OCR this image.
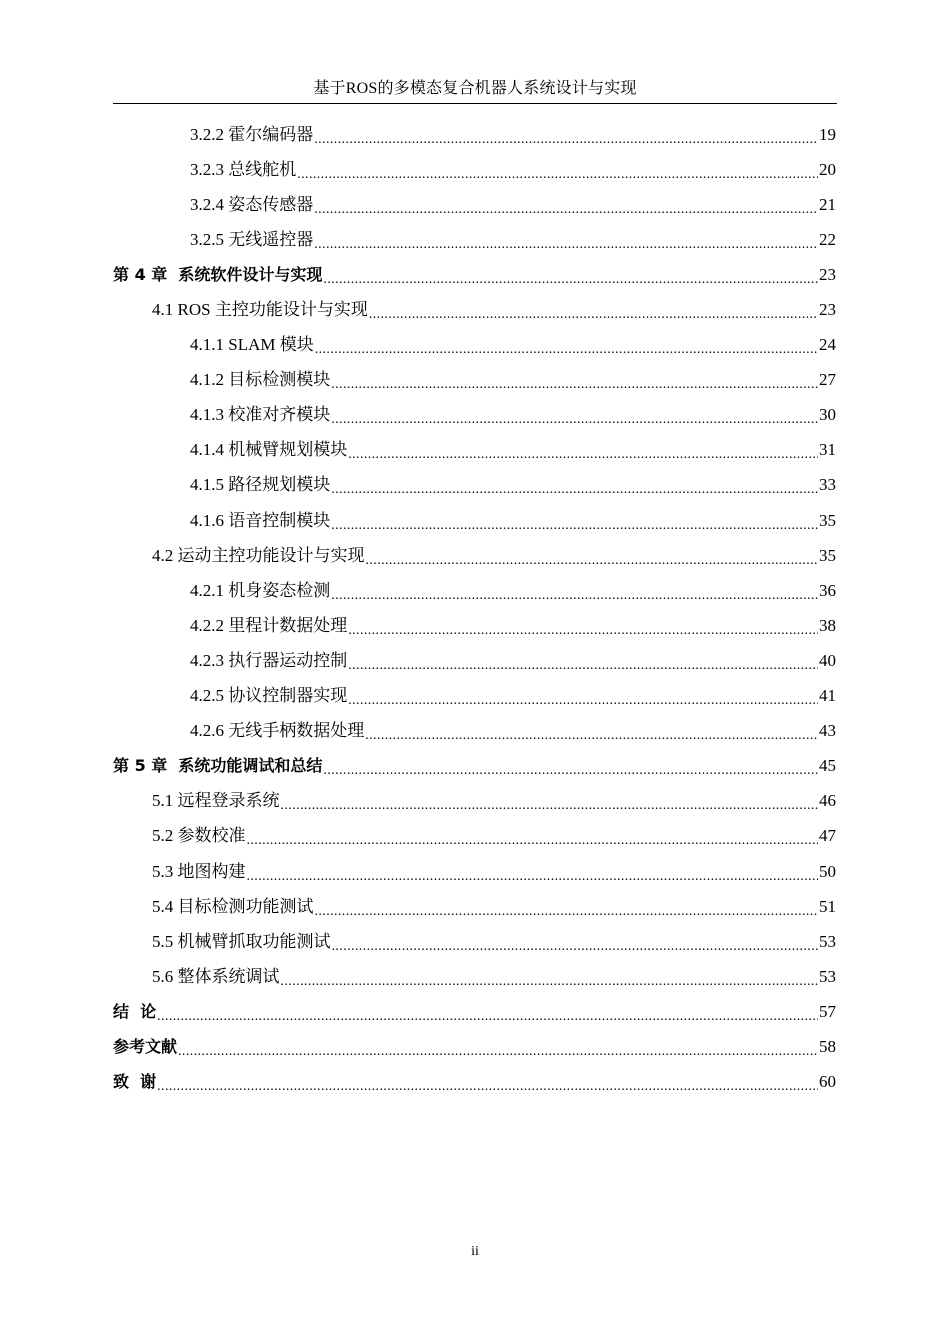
基于ROS的多模态复合机器人系统设计与实现
3.2.2 霍尔编码器 .....	19
3.2.3 总线舵机 .....	20
3.2.4 姿态传感器 .....	21
3.2.5 无线遥控器 .....	22
第 4 章  系统软件设计与实现 .....	23
4.1 ROS 主控功能设计与实现 .....	23
4.1.1 SLAM 模块 .....	24
4.1.2 目标检测模块 .....	27
4.1.3 校准对齐模块 .....	30
4.1.4 机械臂规划模块 .....	31
4.1.5 路径规划模块 .....	33
4.1.6 语音控制模块 .....	35
4.2 运动主控功能设计与实现 .....	35
4.2.1 机身姿态检测 .....	36
4.2.2 里程计数据处理 .....	38
4.2.3 执行器运动控制 .....	40
4.2.5 协议控制器实现 .....	41
4.2.6 无线手柄数据处理 .....	43
第 5 章  系统功能调试和总结 .....	45
5.1 远程登录系统 .....	46
5.2 参数校准 .....	47
5.3 地图构建 .....	50
5.4 目标检测功能测试 .....	51
5.5 机械臂抓取功能测试 .....	53
5.6 整体系统调试 .....	53
结  论 .....	57
参考文献 .....	58
致  谢 .....	60
ii
